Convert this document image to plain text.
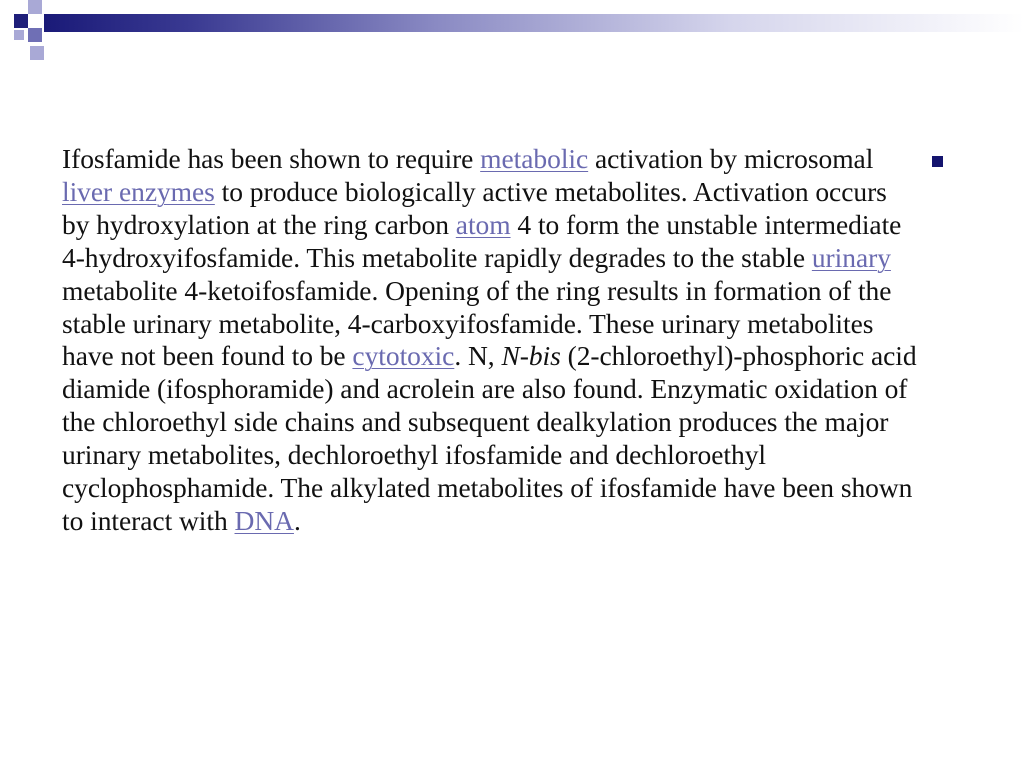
Ifosfamide has been shown to require metabolic activation by microsomal liver enzymes to produce biologically active metabolites. Activation occurs by hydroxylation at the ring carbon atom 4 to form the unstable intermediate 4-hydroxyifosfamide. This metabolite rapidly degrades to the stable urinary metabolite 4-ketoifosfamide. Opening of the ring results in formation of the stable urinary metabolite, 4-carboxyifosfamide. These urinary metabolites have not been found to be cytotoxic. N, N-bis (2-chloroethyl)-phosphoric acid diamide (ifosphoramide) and acrolein are also found. Enzymatic oxidation of the chloroethyl side chains and subsequent dealkylation produces the major urinary metabolites, dechloroethyl ifosfamide and dechloroethyl cyclophosphamide. The alkylated metabolites of ifosfamide have been shown to interact with DNA.
